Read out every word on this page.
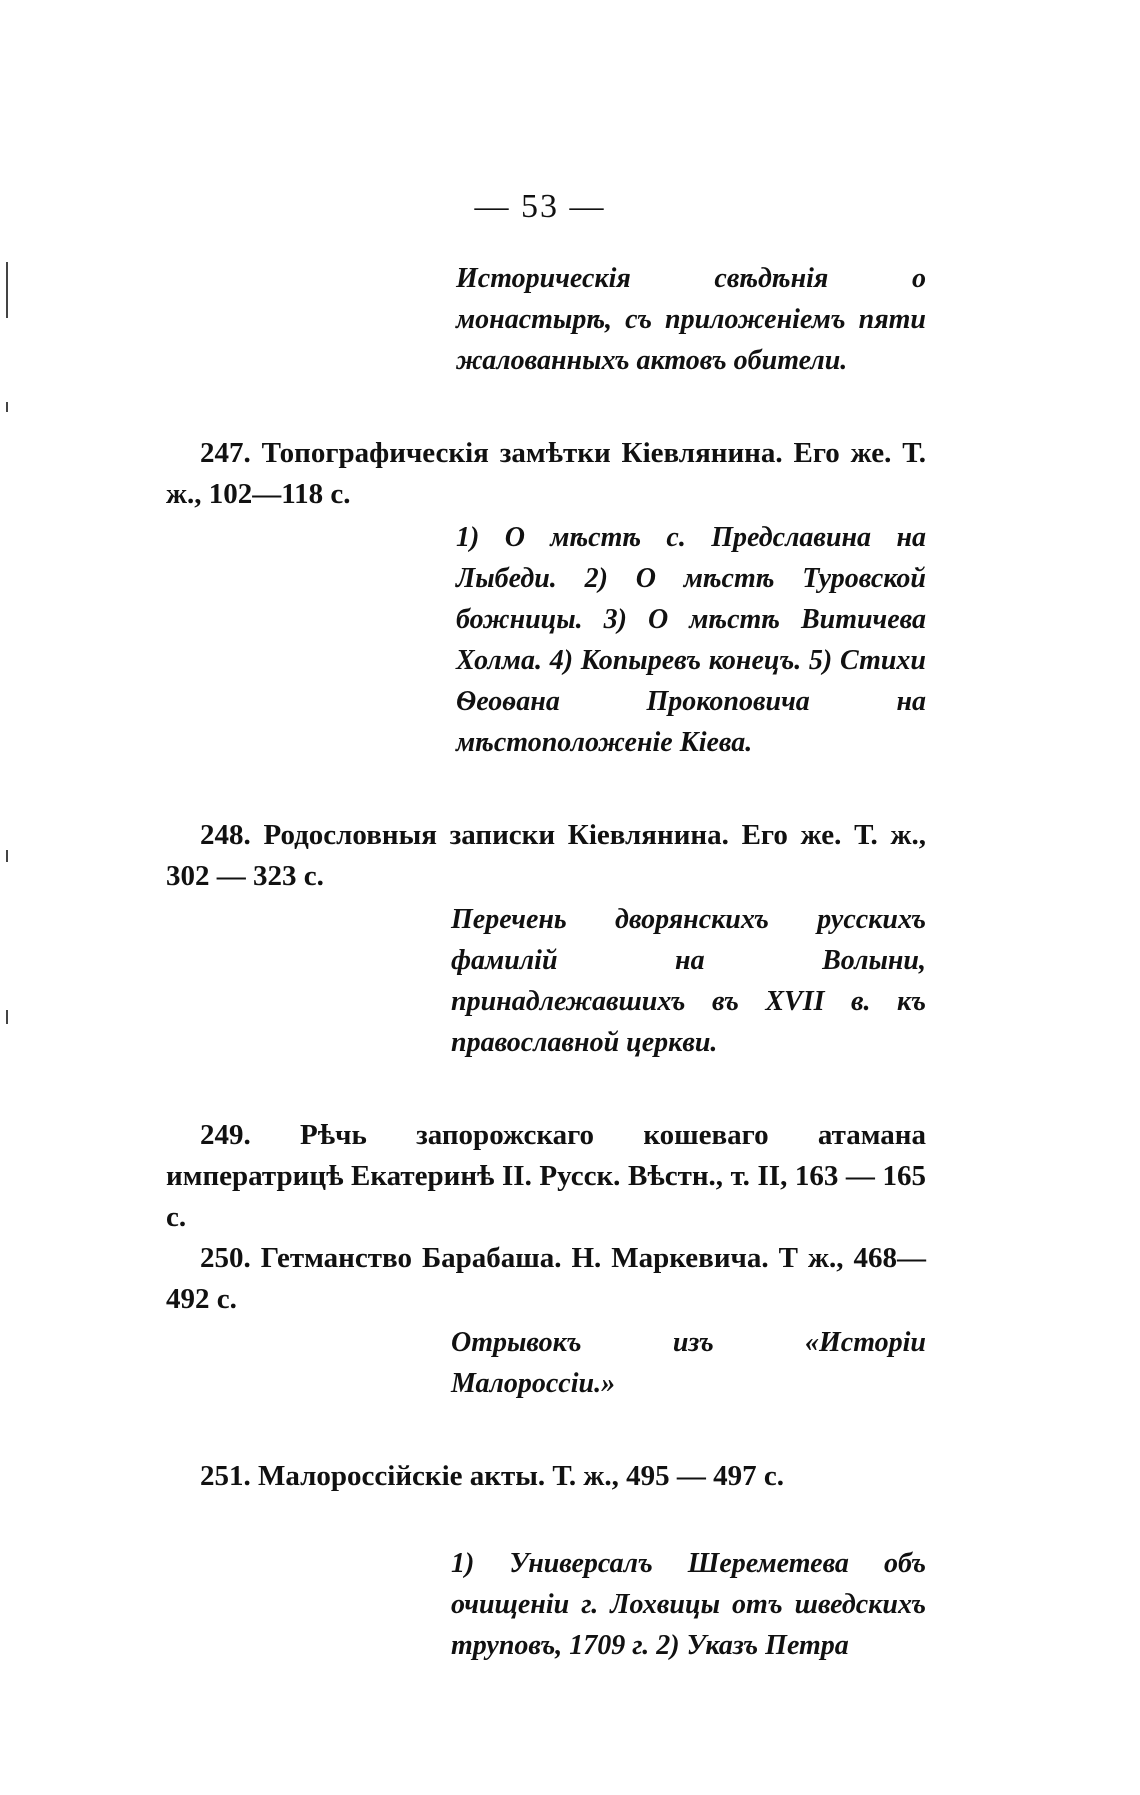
— 53 —
Историческія свѣдѣнія о монастырѣ, съ приложеніемъ пяти жалованныхъ актовъ обители.
247. Топографическія замѣтки Кіевлянина. Его же. Т. ж., 102—118 с.
1) О мѣстѣ с. Предславина на Лыбеди. 2) О мѣстѣ Туровской божницы. 3) О мѣстѣ Витичева Холма. 4) Копыревъ конецъ. 5) Стихи Ѳеоѳана Прокоповича на мѣстоположеніе Кіева.
248. Родословныя записки Кіевлянина. Его же. Т. ж., 302 — 323 с.
Перечень дворянскихъ русскихъ фамилій на Волыни, принадлежавшихъ въ XVII в. къ православной церкви.
249. Рѣчь запорожскаго кошеваго атамана императрицѣ Екатеринѣ II. Русск. Вѣстн., т. II, 163 — 165 с.
250. Гетманство Барабаша. Н. Маркевича. Т ж., 468—492 с.
Отрывокъ изъ «Исторіи Малороссіи.»
251. Малороссійскіе акты. Т. ж., 495 — 497 с.
1) Универсалъ Шереметева объ очищеніи г. Лохвицы отъ шведскихъ труповъ, 1709 г. 2) Указъ Петра
